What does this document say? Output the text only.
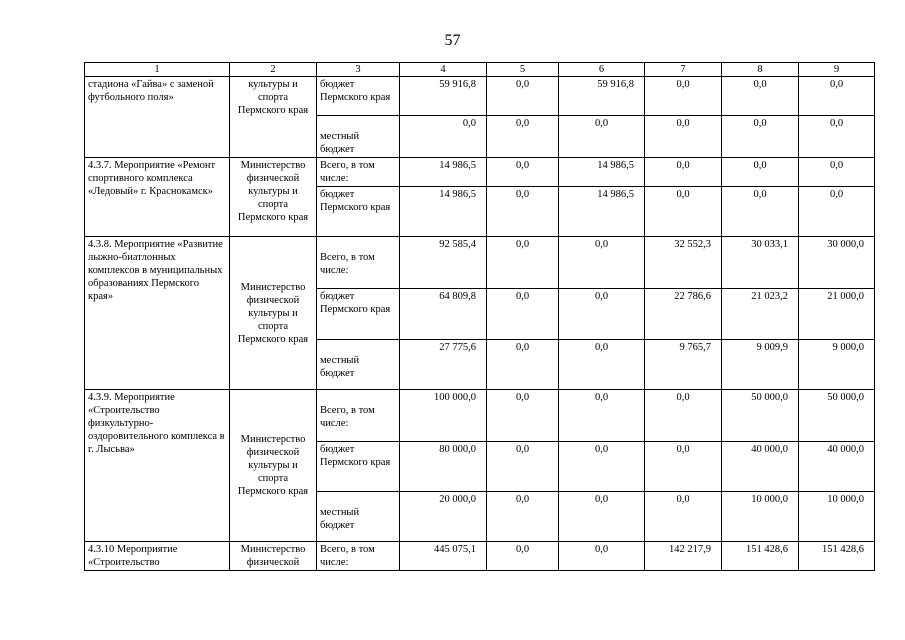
57
1	2	3	4	5	6	7	8	9
стадиона «Гайва» с заменой футбольного поля»	культуры и спорта Пермского края	бюджет Пермского края	59 916,8	0,0	59 916,8	0,0	0,0	0,0
		местный бюджет	0,0	0,0	0,0	0,0	0,0	0,0
4.3.7. Мероприятие «Ремонт спортивного комплекса «Ледовый» г. Краснокамск»	Министерство физической культуры и спорта Пермского края	Всего, в том числе:	14 986,5	0,0	14 986,5	0,0	0,0	0,0
		бюджет Пермского края	14 986,5	0,0	14 986,5	0,0	0,0	0,0
4.3.8. Мероприятие «Развитие лыжно-биатлонных комплексов в муниципальных образованиях Пермского края»	Министерство физической культуры и спорта Пермского края	Всего, в том числе:	92 585,4	0,0	0,0	32 552,3	30 033,1	30 000,0
		бюджет Пермского края	64 809,8	0,0	0,0	22 786,6	21 023,2	21 000,0
		местный бюджет	27 775,6	0,0	0,0	9 765,7	9 009,9	9 000,0
4.3.9. Мероприятие «Строительство физкультурно-оздоровительного комплекса в г. Лысьва»	Министерство физической культуры и спорта Пермского края	Всего, в том числе:	100 000,0	0,0	0,0	0,0	50 000,0	50 000,0
		бюджет Пермского края	80 000,0	0,0	0,0	0,0	40 000,0	40 000,0
		местный бюджет	20 000,0	0,0	0,0	0,0	10 000,0	10 000,0
4.3.10 Мероприятие «Строительство	Министерство физической	Всего, в том числе:	445 075,1	0,0	0,0	142 217,9	151 428,6	151 428,6
